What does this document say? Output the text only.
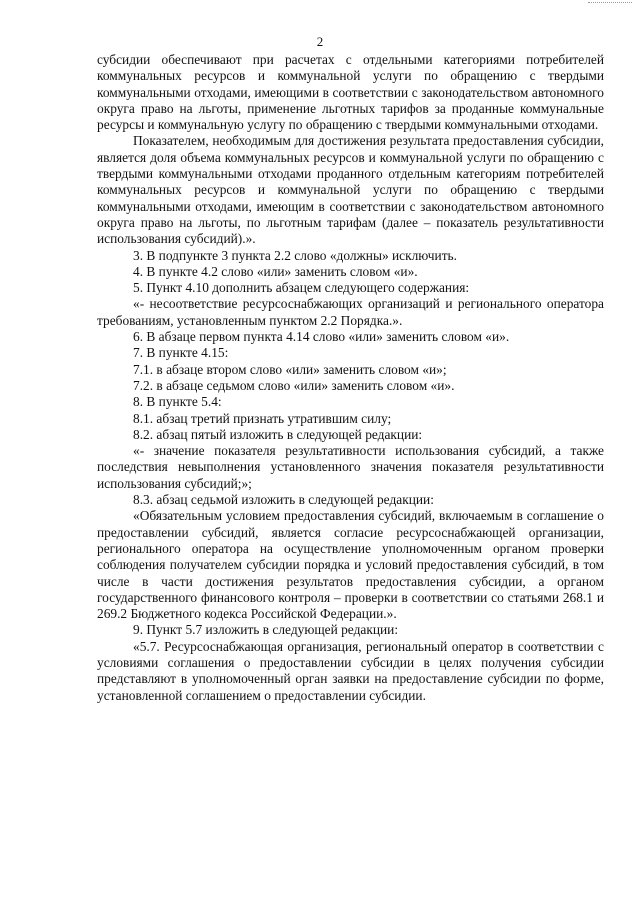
2

субсидии обеспечивают при расчетах с отдельными категориями потребителей коммунальных ресурсов и коммунальной услуги по обращению с твердыми коммунальными отходами, имеющими в соответствии с законодательством автономного округа право на льготы, применение льготных тарифов за проданные коммунальные ресурсы и коммунальную услугу по обращению с твердыми коммунальными отходами.

Показателем, необходимым для достижения результата предоставления субсидии, является доля объема коммунальных ресурсов и коммунальной услуги по обращению с твердыми коммунальными отходами проданного отдельным категориям потребителей коммунальных ресурсов и коммунальной услуги по обращению с твердыми коммунальными отходами, имеющим в соответствии с законодательством автономного округа право на льготы, по льготным тарифам (далее – показатель результативности использования субсидий).».

3. В подпункте 3 пункта 2.2 слово «должны» исключить.

4. В пункте 4.2 слово «или» заменить словом «и».

5. Пункт 4.10 дополнить абзацем следующего содержания:

«- несоответствие ресурсоснабжающих организаций и регионального оператора требованиям, установленным пунктом 2.2 Порядка.».

6. В абзаце первом пункта 4.14 слово «или» заменить словом «и».

7. В пункте 4.15:

7.1. в абзаце втором слово «или» заменить словом «и»;

7.2. в абзаце седьмом слово «или» заменить словом «и».

8. В пункте 5.4:

8.1. абзац третий признать утратившим силу;

8.2. абзац пятый изложить в следующей редакции:

«- значение показателя результативности использования субсидий, а также последствия невыполнения установленного значения показателя результативности использования субсидий;»;

8.3. абзац седьмой изложить в следующей редакции:

«Обязательным условием предоставления субсидий, включаемым в соглашение о предоставлении субсидий, является согласие ресурсоснабжающей организации, регионального оператора на осуществление уполномоченным органом проверки соблюдения получателем субсидии порядка и условий предоставления субсидий, в том числе в части достижения результатов предоставления субсидии, а органом государственного финансового контроля – проверки в соответствии со статьями 268.1 и 269.2 Бюджетного кодекса Российской Федерации.».

9. Пункт 5.7 изложить в следующей редакции:

«5.7. Ресурсоснабжающая организация, региональный оператор в соответствии с условиями соглашения о предоставлении субсидии в целях получения субсидии представляют в уполномоченный орган заявки на предоставление субсидии по форме, установленной соглашением о предоставлении субсидии.
